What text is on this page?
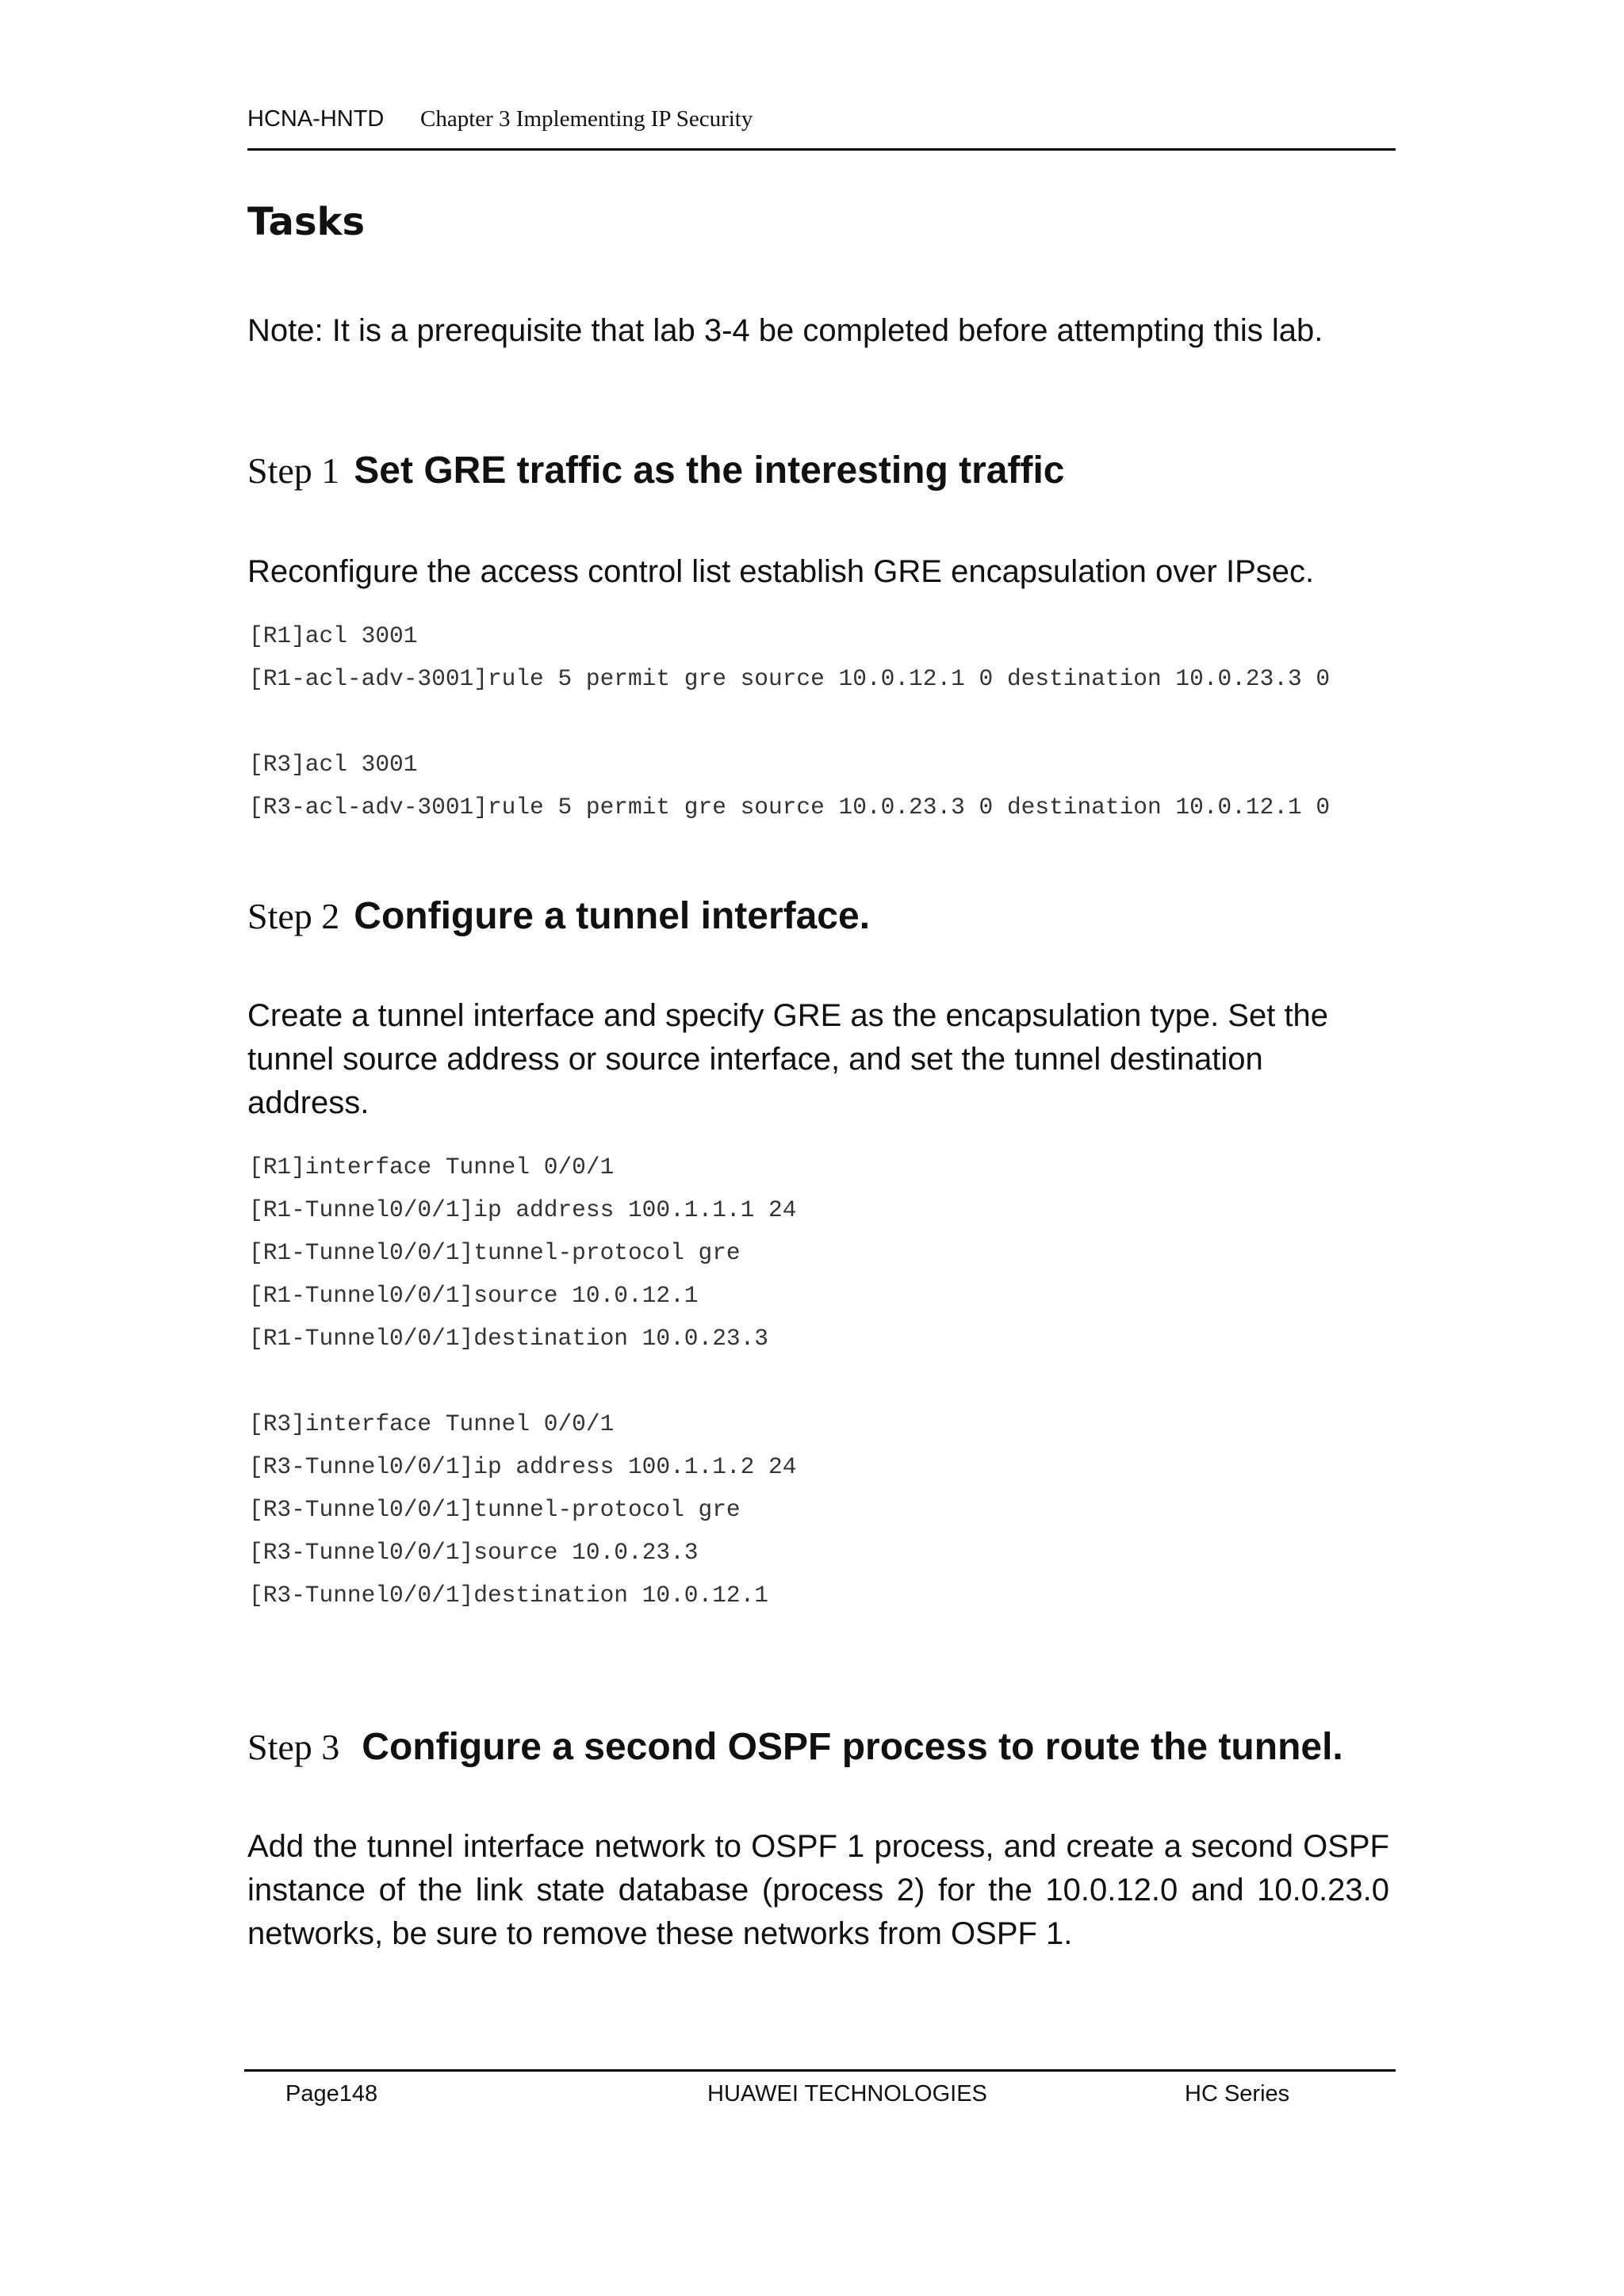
HCNA-HNTD Chapter 3 Implementing IP Security
Tasks
Note: It is a prerequisite that lab 3-4 be completed before attempting this lab.
Step 1 Set GRE traffic as the interesting traffic
Reconfigure the access control list establish GRE encapsulation over IPsec.
[R1]acl 3001
[R1-acl-adv-3001]rule 5 permit gre source 10.0.12.1 0 destination 10.0.23.3 0
[R3]acl 3001
[R3-acl-adv-3001]rule 5 permit gre source 10.0.23.3 0 destination 10.0.12.1 0
Step 2 Configure a tunnel interface.
Create a tunnel interface and specify GRE as the encapsulation type. Set the tunnel source address or source interface, and set the tunnel destination address.
[R1]interface Tunnel 0/0/1
[R1-Tunnel0/0/1]ip address 100.1.1.1 24
[R1-Tunnel0/0/1]tunnel-protocol gre
[R1-Tunnel0/0/1]source 10.0.12.1
[R1-Tunnel0/0/1]destination 10.0.23.3
[R3]interface Tunnel 0/0/1
[R3-Tunnel0/0/1]ip address 100.1.1.2 24
[R3-Tunnel0/0/1]tunnel-protocol gre
[R3-Tunnel0/0/1]source 10.0.23.3
[R3-Tunnel0/0/1]destination 10.0.12.1
Step 3 Configure a second OSPF process to route the tunnel.
Add the tunnel interface network to OSPF 1 process, and create a second OSPF instance of the link state database (process 2) for the 10.0.12.0 and 10.0.23.0 networks, be sure to remove these networks from OSPF 1.
Page148	HUAWEI TECHNOLOGIES	HC Series
